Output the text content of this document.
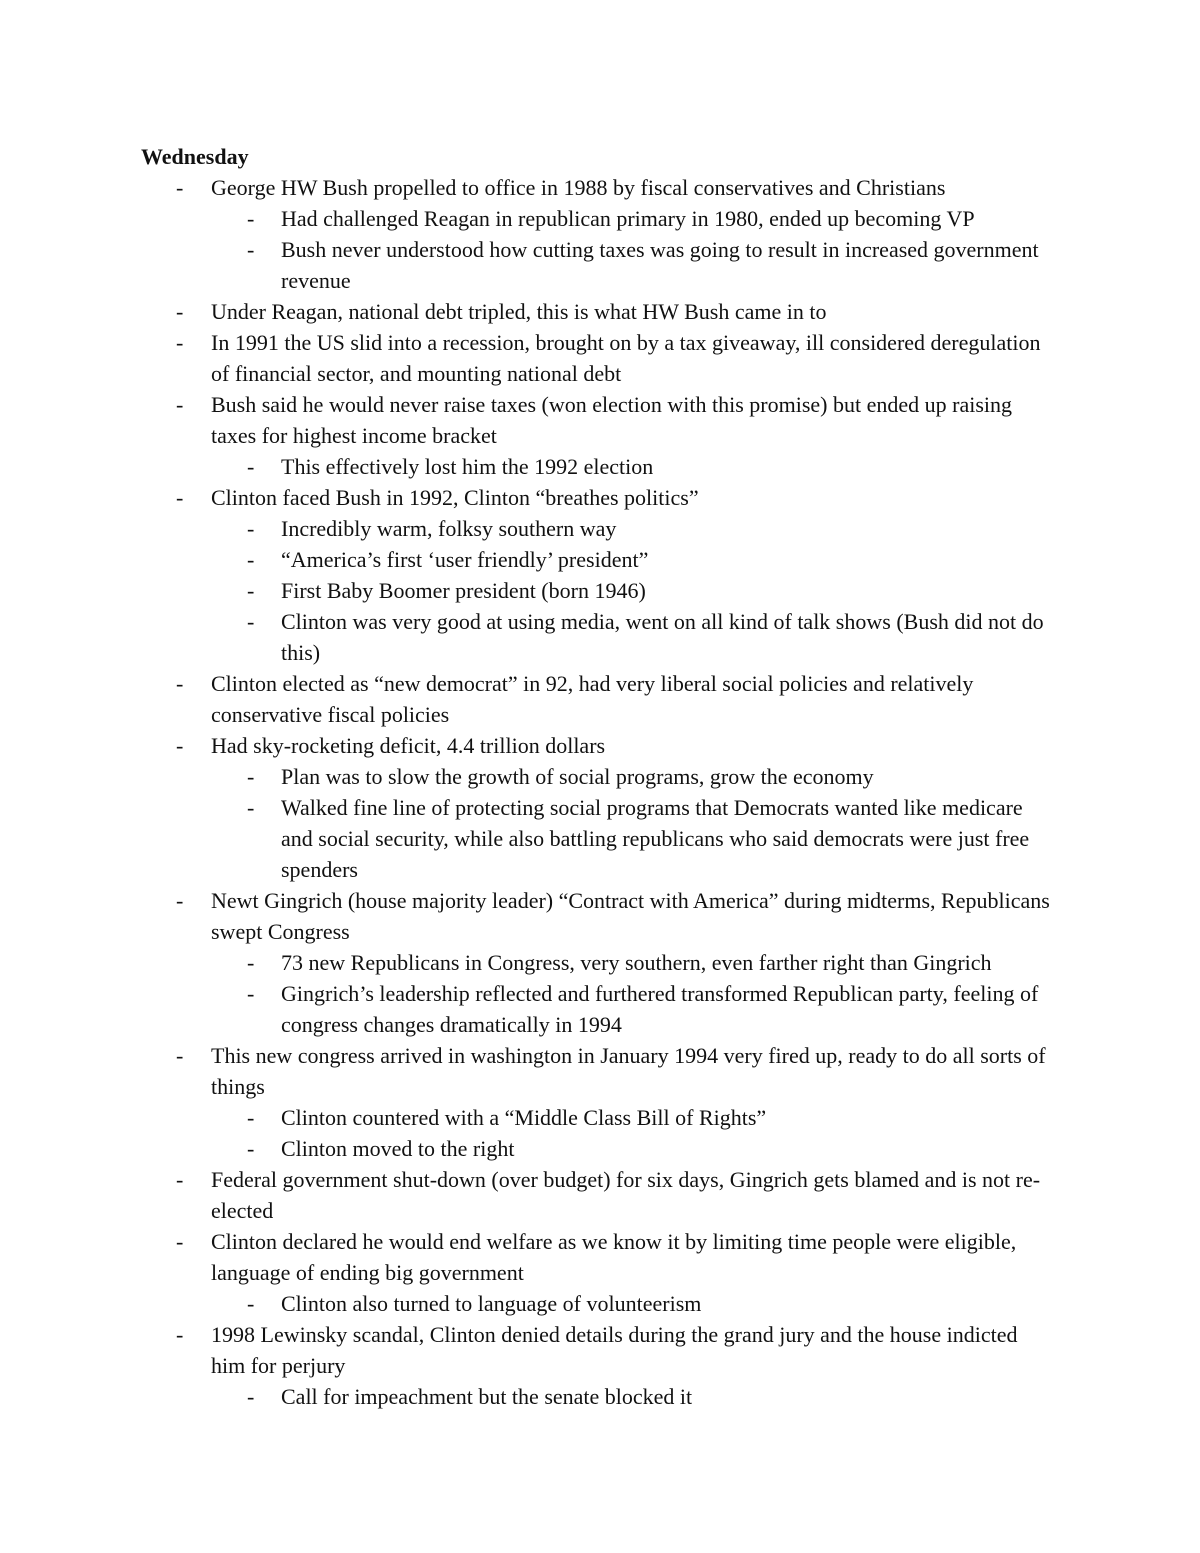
Wednesday
- George HW Bush propelled to office in 1988 by fiscal conservatives and Christians
- Had challenged Reagan in republican primary in 1980, ended up becoming VP
- Bush never understood how cutting taxes was going to result in increased government revenue
- Under Reagan, national debt tripled, this is what HW Bush came in to
- In 1991 the US slid into a recession, brought on by a tax giveaway, ill considered deregulation of financial sector, and mounting national debt
- Bush said he would never raise taxes (won election with this promise) but ended up raising taxes for highest income bracket
- This effectively lost him the 1992 election
- Clinton faced Bush in 1992, Clinton “breathes politics”
- Incredibly warm, folksy southern way
- “America’s first ‘user friendly’ president”
- First Baby Boomer president (born 1946)
- Clinton was very good at using media, went on all kind of talk shows (Bush did not do this)
- Clinton elected as “new democrat” in 92, had very liberal social policies and relatively conservative fiscal policies
- Had sky-rocketing deficit, 4.4 trillion dollars
- Plan was to slow the growth of social programs, grow the economy
- Walked fine line of protecting social programs that Democrats wanted like medicare and social security, while also battling republicans who said democrats were just free spenders
- Newt Gingrich (house majority leader) “Contract with America” during midterms, Republicans swept Congress
- 73 new Republicans in Congress, very southern, even farther right than Gingrich
- Gingrich’s leadership reflected and furthered transformed Republican party, feeling of congress changes dramatically in 1994
- This new congress arrived in washington in January 1994 very fired up, ready to do all sorts of things
- Clinton countered with a “Middle Class Bill of Rights”
- Clinton moved to the right
- Federal government shut-down (over budget) for six days, Gingrich gets blamed and is not re-elected
- Clinton declared he would end welfare as we know it by limiting time people were eligible, language of ending big government
- Clinton also turned to language of volunteerism
- 1998 Lewinsky scandal, Clinton denied details during the grand jury and the house indicted him for perjury
- Call for impeachment but the senate blocked it
